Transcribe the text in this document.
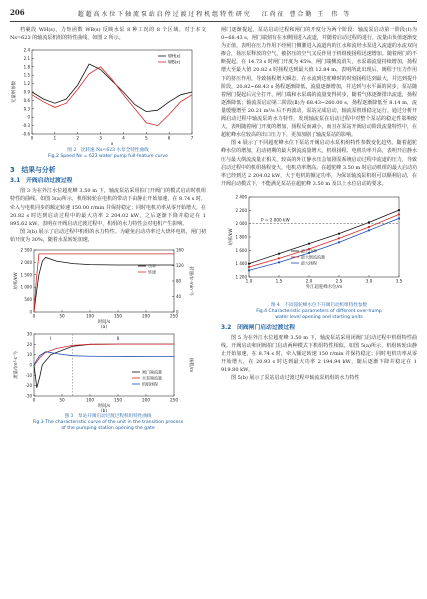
206	超 超 高 水 位 下 轴 流 泵 站 启 停 过 渡 过 程 机 组 特 性 研 究　　江 尚 征　曹 合 勤　王　 伟　等

档裹段 WH(s)，力矩函数 WB(s) 反映水泵 8 种工况的 8 个区域。对于本文 Ns=623 的轴流泵机组的特性曲线，如图 2 所示。

0	1	2	3	4	5	6	7
-0.6
-0.3
0
0.3
0.6
0.9
1.2
1.5
1.8
2.1
2.4
x
无量纲参数
WH(x)
WB(x)
图 2　比转速 Ns=623 水泵全特性曲线
Fig.2 Speed Ns = 623 water pump full-feature curve
3　结果与分析
3.1　开阀启动过渡过程

图 3 为在外江水位超驼峰 3.50 m 下，轴流泵站采用拍门开阀门的模式启动时机组特性的曲线。如图 3(a)所示，机组转轮在电机的带动下由静止开始加速，在 8.74 s 时，牵入与电机同步的额定转速 150.00 r/min 并保持稳定；同时电机功率从零开始增大，在 20.82 s 时达到启动过程中的最大功率 2 204.02 kW，之后逐渐下降并稳定在 1 895.62 kW。表明在开阀启动过渡过程中，机组的水力特性会对电机产生影响。

图 3(b) 展示了启动过程中机组的水力特性。为避免启动功率过大烧坏电机，闸门初始开度为 30%，随着水泵转轮加速，

0	50	100	150	200	250
0
500
1 000
1 500
2 000
2 500
0
40
80
120
160
时间/s
功率/kW	转速/(r·min⁻¹)
功率
转速
(a)
0	50	100	150	200	250
-30
-20
-10
0
10
20
30
时间/s
流量/(m³·s⁻¹)	扬程/m
闸门端流量
水泵端流量
机组扬程
Ⅰ	Ⅱ
(b)
图 3　泵站开阀启动过渡过程机组特性曲线
Fig.3 The characteristic curve of the unit in the transition process
of the pumping station opening the gate

闸门逐渐提起，泵站启动过程和闸门的开度分为两个阶段：轴流泵启动第一阶段(Ⅰ)为 0~68.43 s，闸门端刻有在水侧围进入流道，并随着启动过程的进行，流量由负值逐渐变为正值，表明在压力作用下经闸门侧灌进入流道内的江水和流经水泵进入流道的水流双向掺合，扬压泵释放的空气，被挤压的空气又反作用于机组使扬程迅速增加。随着闸门的不断提起，在 14.73 s 时闸门开度为 45%，闸门端侧流消失，水泵端流量持续增加，扬程增大至最大值 20.82 s 时扬程达到最大值 12.84 m，表明所此出现后，阀程于压力作用下的挤压作用，导致扬程增大瞬态，在水流到达驼峰时的时刻扬程达到最大，并达到提升阶段，20.82~68.43 s 扬程逐渐降低，流量逐渐增加，并达到与水平面的同步，泵站随着闸门提起后完全打开，闸门端和水泵端的流量变得同步，随着气体逐渐排出流道，扬程逐渐降低；轴流泵启动第二阶段(Ⅱ)为 68.43~260.00 s，扬程逐渐降低至 8.14 m，流量缓慢增至 20.21 m³/s 后不再波动，泵站完成启动，轴流泵机组稳定运行。通过分析开阀启动过程中轴流泵的水力特性，发现轴流泵在启动过程中对整个泵站的稳定性影响较大，表明随着闸门开度的增加，扬程反而减小，而且在泵站开阀启动阶段流量特性中，在超驼峰水位较高的出口压力下，更加加剧了轴流泵站的影响。

图 4 展示了不同超驼峰水位下泵站开阀启动水泵机组特性参数变化趋势。随着超驼峰水位的增加，启动初期的最大倒流流量增大，机组扬程、电机功率升高，表明开启静水压与最大倒流流量正相关，较高的外江静水压会加剧泵系统启动过程中流道的压力，导致启动过程中的机组扬程变大，电机功率增高。在超驼峰 3.50 m 时启动机组的最大启动功率已经到达 2 204.02 kW，大于电机的额定功率，为保证轴流泵机组可以顺利启动，在开阀启动模式下，不能满足泵站在超驼峰 3.50 m 及以上水位启动的要求。

1.0	1.5	2.0	2.5	3.0	3.5
1 200
1 400
1 600
1 800
2 000
2 200
2 400
外江超驼峰水位/m
功率/kW
最大功率
最大倒流流量
最大扬程
P = 2 000 kW
图 4　不同超驼峰水位下开阀启动机组特性参数
Fig.4 Characteristic parameters of different over-hump
water level opening and starting units
3.2　闭阀闸门启动过渡过程

图 5 为在外江水位超驼峰 3.50 m 下，轴流泵站采用闭阀门启动过程中机组特性曲线。开阀启动和闭阀拍门启动两种模式下机组特性相似，如图 5(a)所示，机组转轮由静止开始加速，在 8.74 s 时，牵入额定转速 150 r/min 并保持稳定；同时电机功率从零开始增大，在 20.93 s 时达到最大功率 2 194.94 kW，随后逐渐下降并稳定在 1 919.80 kW。

图 5(b) 展示了泵站启动过渡过程中轴流泵机组的水力特性
